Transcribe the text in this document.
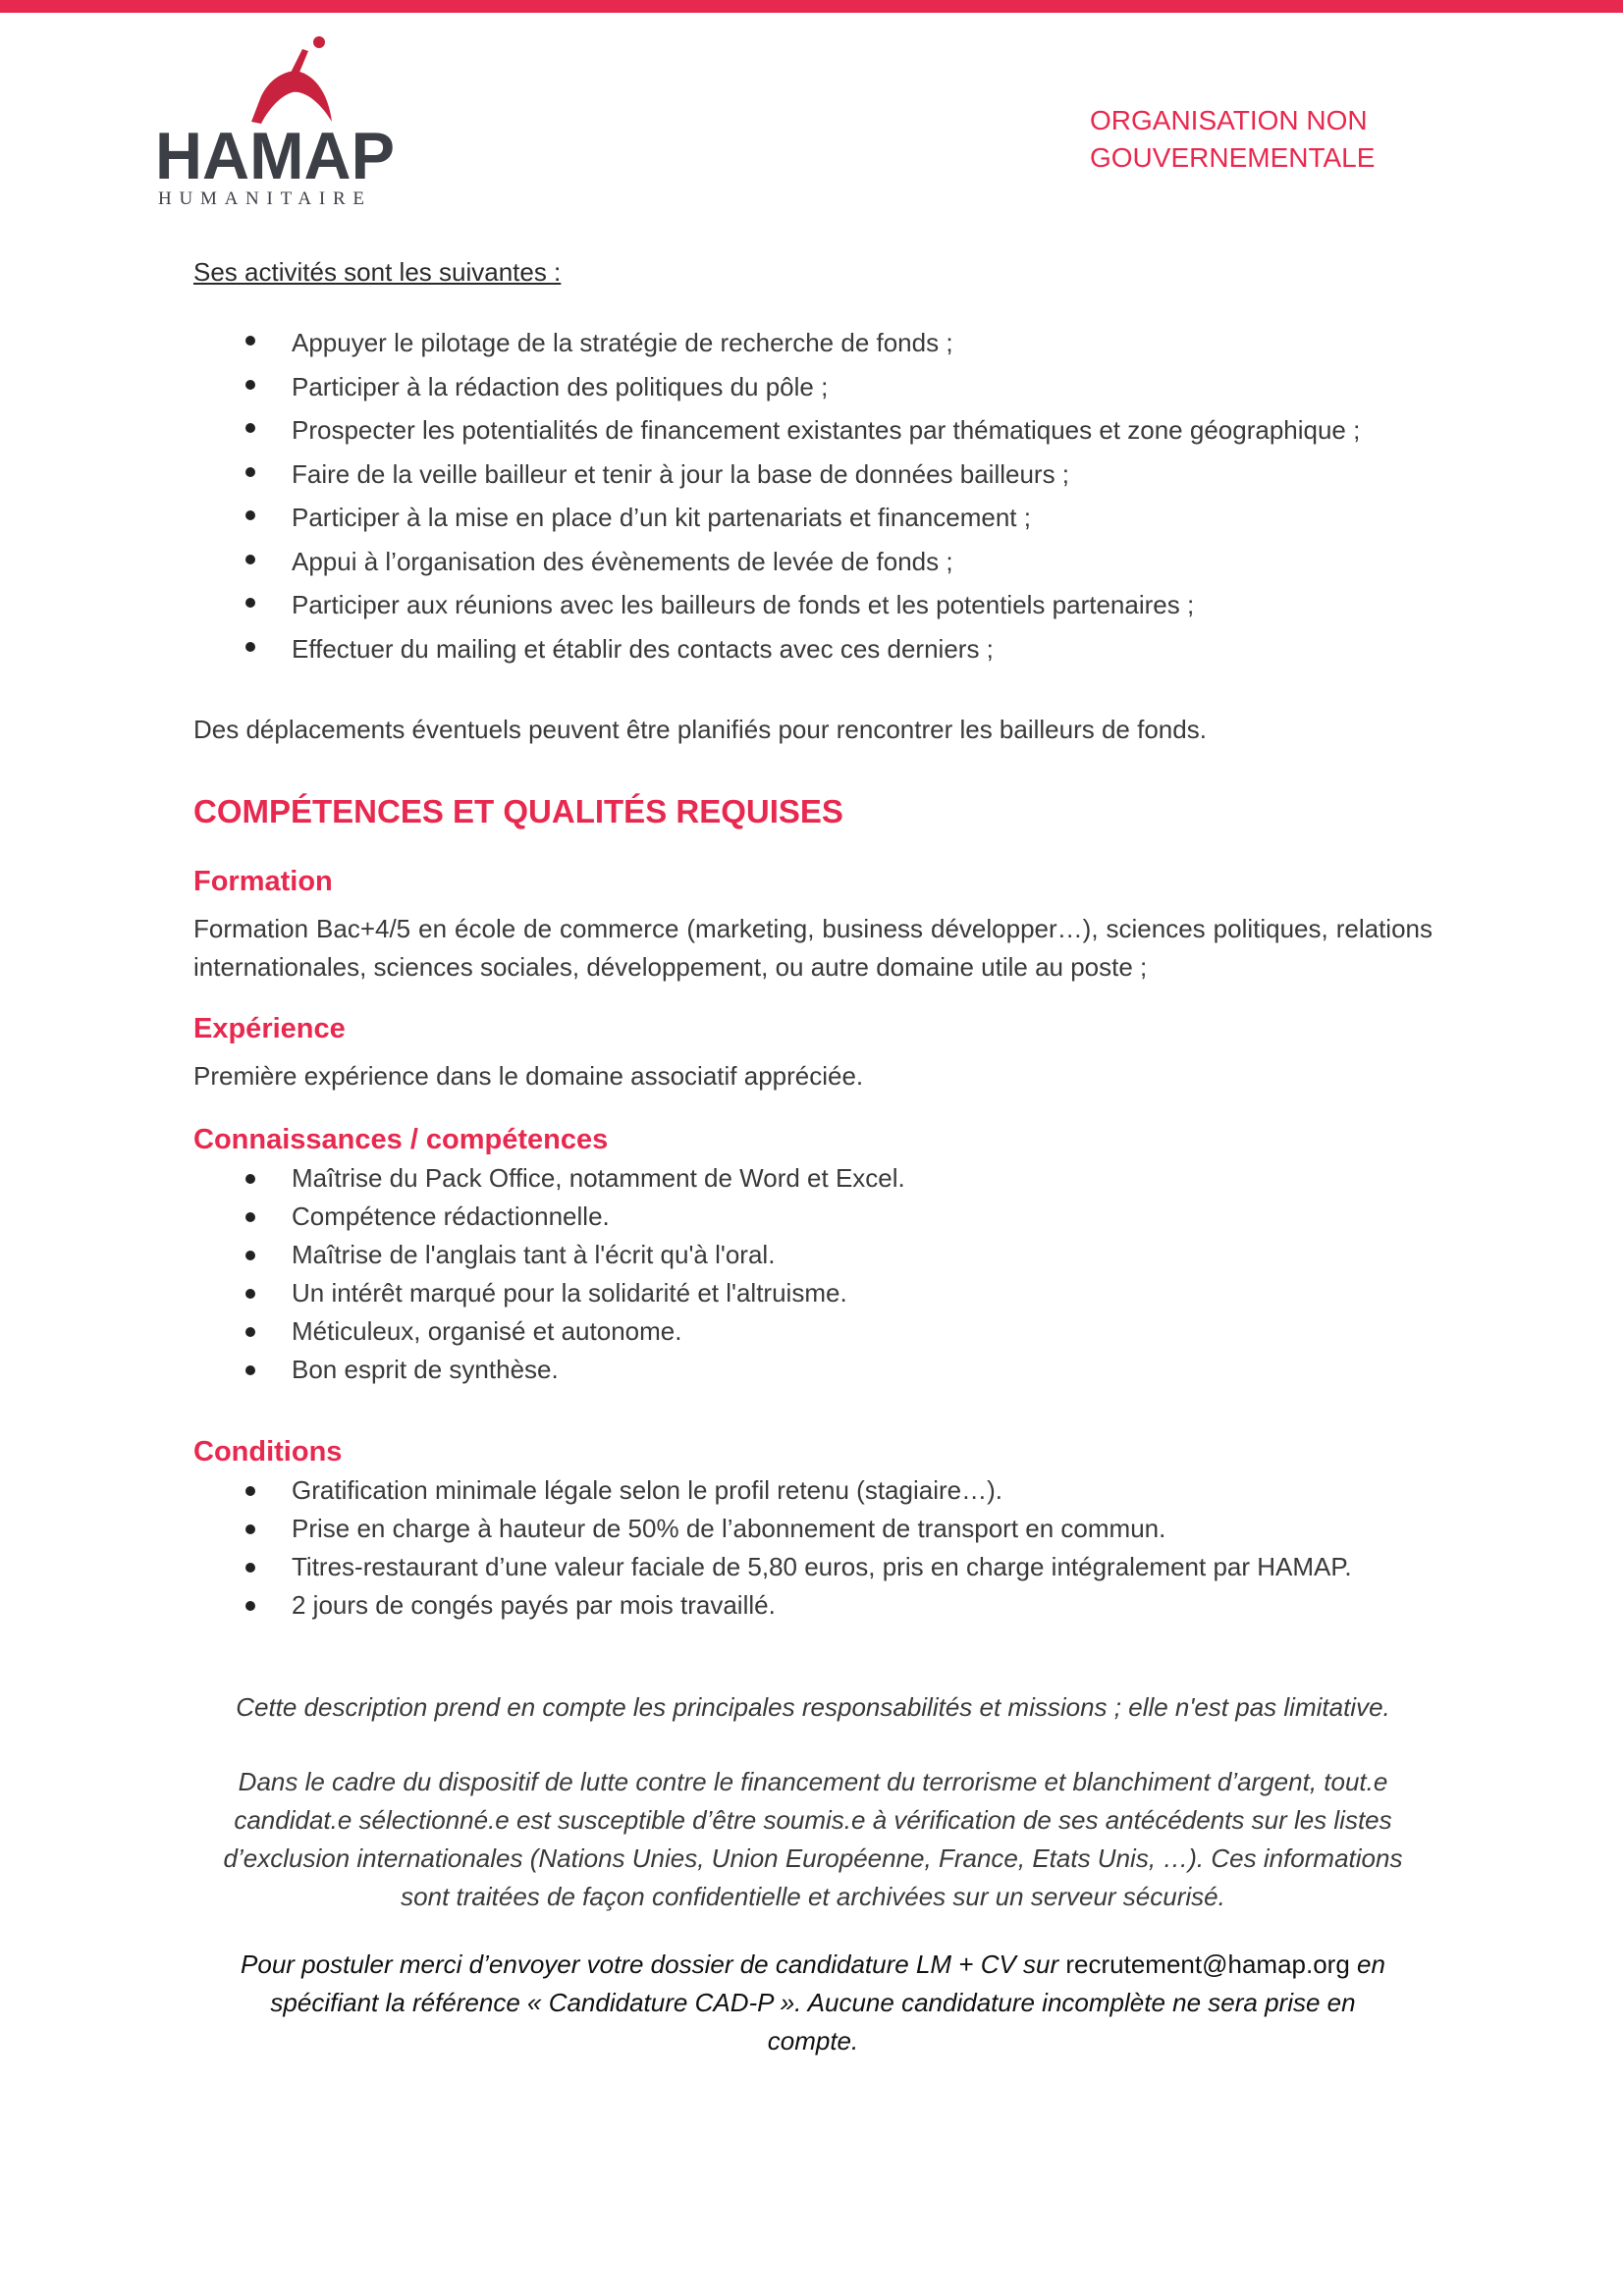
HAMAP
HUMANITAIRE
ORGANISATION NON
GOUVERNEMENTALE

Ses activités sont les suivantes :

Appuyer le pilotage de la stratégie de recherche de fonds ;
Participer à la rédaction des politiques du pôle ;
Prospecter les potentialités de financement existantes par thématiques et zone géographique ;
Faire de la veille bailleur et tenir à jour la base de données bailleurs ;
Participer à la mise en place d’un kit partenariats et financement ;
Appui à l’organisation des évènements de levée de fonds ;
Participer aux réunions avec les bailleurs de fonds et les potentiels partenaires ;
Effectuer du mailing et établir des contacts avec ces derniers ;

Des déplacements éventuels peuvent être planifiés pour rencontrer les bailleurs de fonds.

COMPÉTENCES ET QUALITÉS REQUISES

Formation

Formation Bac+4/5 en école de commerce (marketing, business développer…), sciences politiques, relations internationales, sciences sociales, développement, ou autre domaine utile au poste ;

Expérience

Première expérience dans le domaine associatif appréciée.

Connaissances / compétences

Maîtrise du Pack Office, notamment de Word et Excel.
Compétence rédactionnelle.
Maîtrise de l'anglais tant à l'écrit qu'à l'oral.
Un intérêt marqué pour la solidarité et l'altruisme.
Méticuleux, organisé et autonome.
Bon esprit de synthèse.

Conditions

Gratification minimale légale selon le profil retenu (stagiaire…).
Prise en charge à hauteur de 50% de l’abonnement de transport en commun.
Titres-restaurant d’une valeur faciale de 5,80 euros, pris en charge intégralement par HAMAP.
2 jours de congés payés par mois travaillé.

Cette description prend en compte les principales responsabilités et missions ; elle n'est pas limitative.

Dans le cadre du dispositif de lutte contre le financement du terrorisme et blanchiment d’argent, tout.e candidat.e sélectionné.e est susceptible d’être soumis.e à vérification de ses antécédents sur les listes d’exclusion internationales (Nations Unies, Union Européenne, France, Etats Unis, …). Ces informations sont traitées de façon confidentielle et archivées sur un serveur sécurisé.

Pour postuler merci d’envoyer votre dossier de candidature LM + CV sur recrutement@hamap.org en spécifiant la référence « Candidature CAD-P ». Aucune candidature incomplète ne sera prise en compte.
